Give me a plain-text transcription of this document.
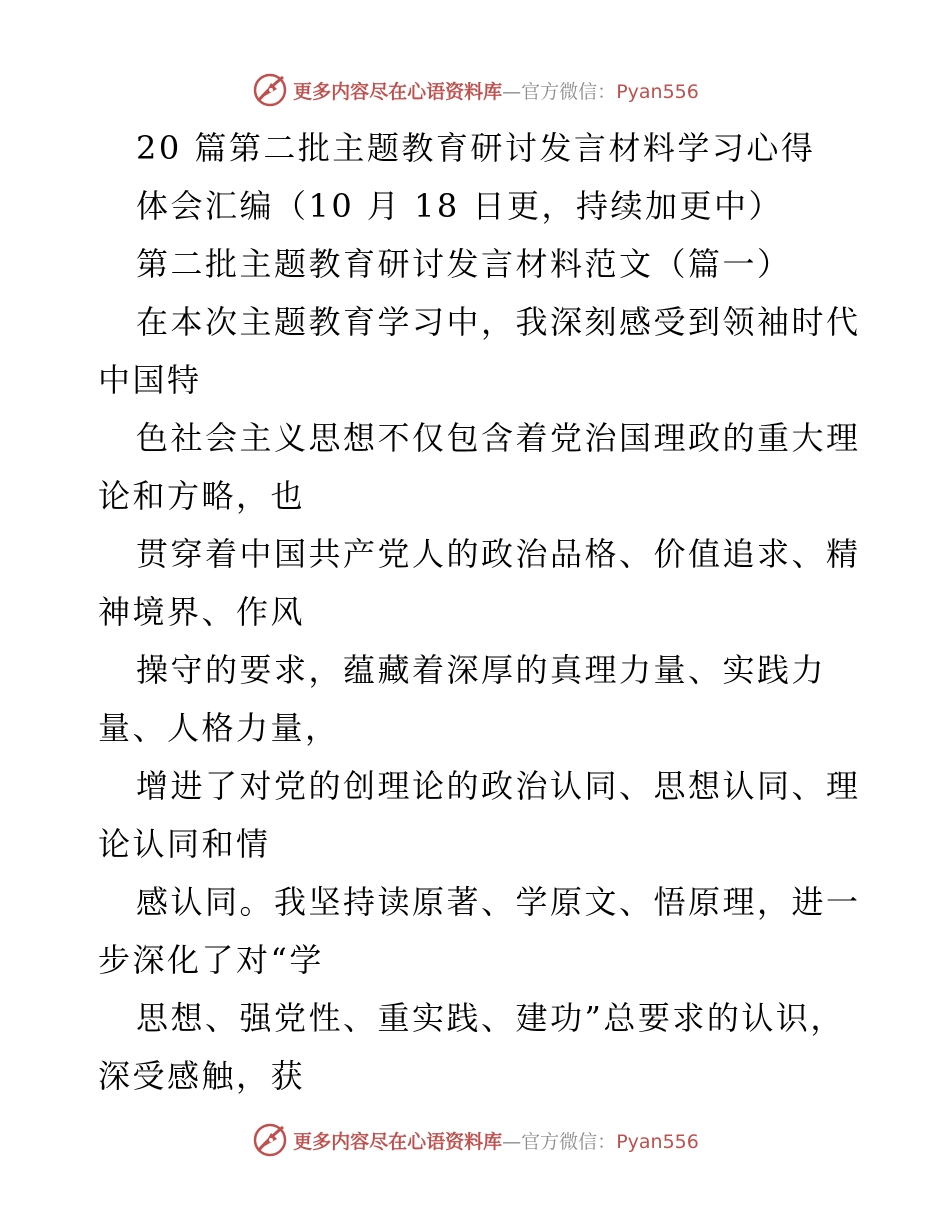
更多内容尽在心语资料库—官方微信：Pyan556
20 篇第二批主题教育研讨发言材料学习心得
体会汇编（10 月 18 日更，持续加更中）
第二批主题教育研讨发言材料范文（篇一）
在本次主题教育学习中，我深刻感受到领袖时代
中国特
色社会主义思想不仅包含着党治国理政的重大理
论和方略，也
贯穿着中国共产党人的政治品格、价值追求、精
神境界、作风
操守的要求，蕴藏着深厚的真理力量、实践力
量、人格力量，
增进了对党的创理论的政治认同、思想认同、理
论认同和情
感认同。我坚持读原著、学原文、悟原理，进一
步深化了对“学
思想、强党性、重实践、建功”总要求的认识，
深受感触，获
更多内容尽在心语资料库—官方微信：Pyan556
